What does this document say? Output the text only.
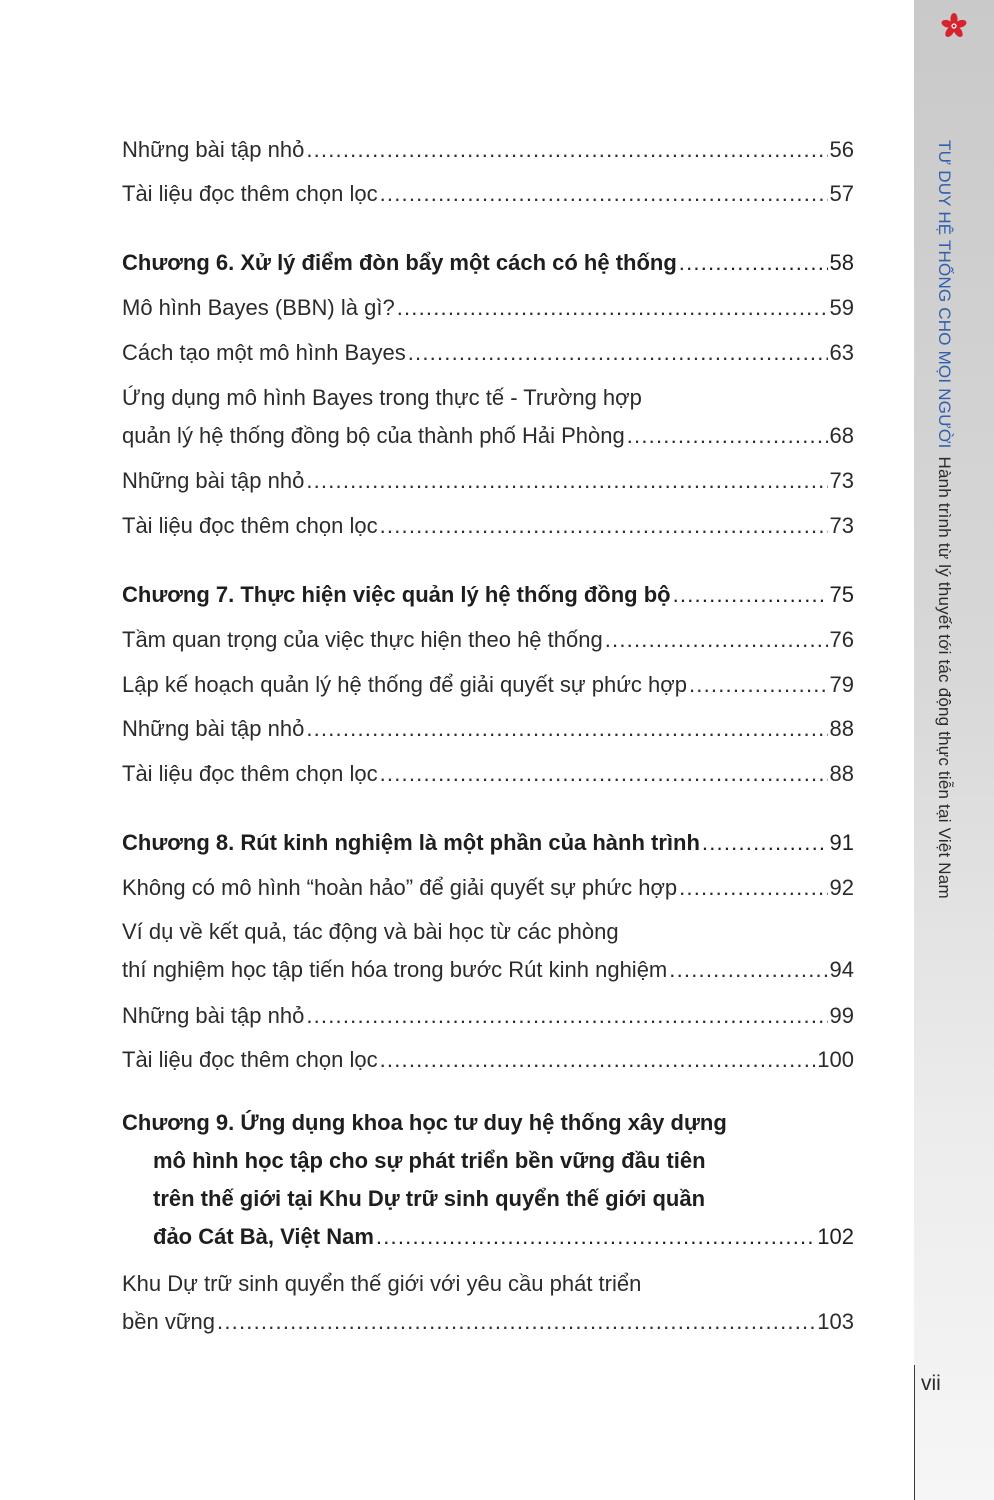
TƯ DUY HỆ THỐNG CHO MỌI NGƯỜIHành trình từ lý thuyết tới tác động thực tiễn tại Việt Nam
vii
Những bài tập nhỏ .....	56
Tài liệu đọc thêm chọn lọc .....	57
Chương 6. Xử lý điểm đòn bẩy một cách có hệ thống .....	58
Mô hình Bayes (BBN) là gì? .....	59
Cách tạo một mô hình Bayes .....	63
Ứng dụng mô hình Bayes trong thực tế - Trường hợp
quản lý hệ thống đồng bộ của thành phố Hải Phòng .....	68
Những bài tập nhỏ .....	73
Tài liệu đọc thêm chọn lọc .....	73
Chương 7. Thực hiện việc quản lý hệ thống đồng bộ .....	75
Tầm quan trọng của việc thực hiện theo hệ thống .....	76
Lập kế hoạch quản lý hệ thống để giải quyết sự phức hợp .....	79
Những bài tập nhỏ .....	88
Tài liệu đọc thêm chọn lọc .....	88
Chương 8. Rút kinh nghiệm là một phần của hành trình .....	91
Không có mô hình “hoàn hảo” để giải quyết sự phức hợp .....	92
Ví dụ về kết quả, tác động và bài học từ các phòng
thí nghiệm học tập tiến hóa trong bước Rút kinh nghiệm .....	94
Những bài tập nhỏ .....	99
Tài liệu đọc thêm chọn lọc .....	100
Chương 9. Ứng dụng khoa học tư duy hệ thống xây dựng
mô hình học tập cho sự phát triển bền vững đầu tiên
trên thế giới tại Khu Dự trữ sinh quyển thế giới quần
đảo Cát Bà, Việt Nam .....	102
Khu Dự trữ sinh quyển thế giới với yêu cầu phát triển
bền vững .....	103
